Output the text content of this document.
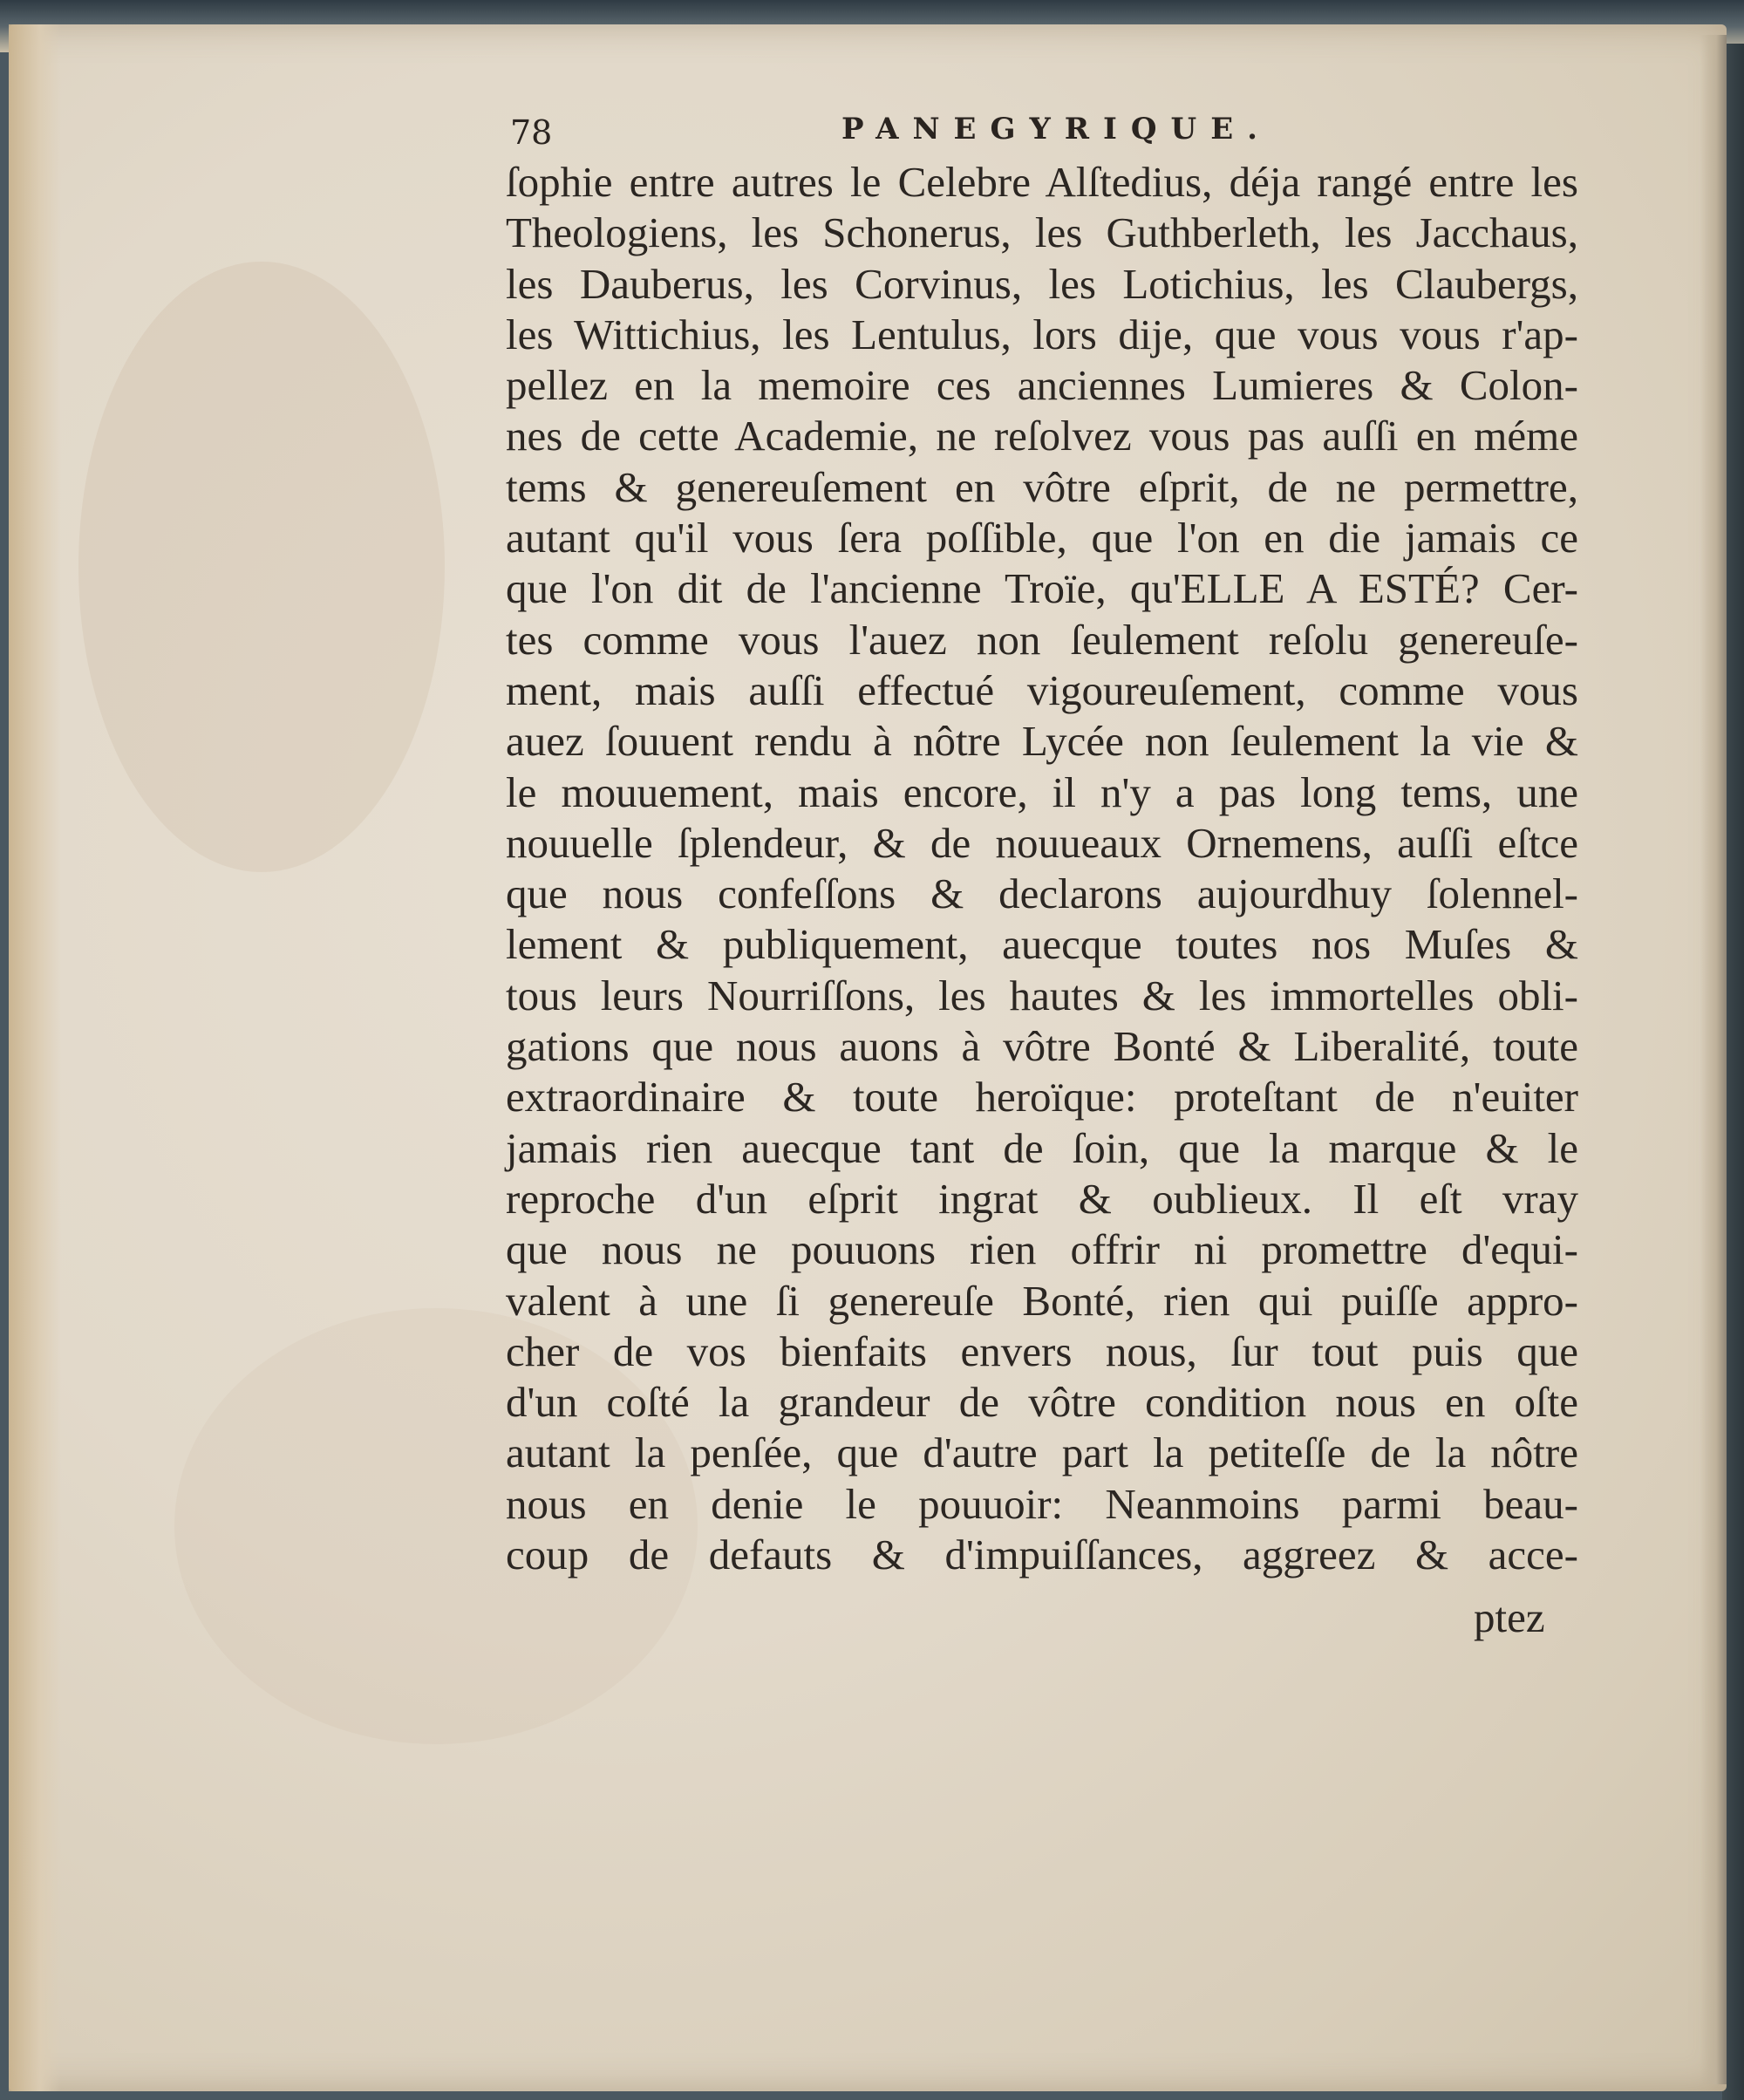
78	PANEGYRIQUE.
ſophie entre autres le Celebre Alſtedius, déja rangé entre les
Theologiens, les Schonerus, les Guthberleth, les Jacchaus,
les Dauberus, les Corvinus, les Lotichius, les Claubergs,
les Wittichius, les Lentulus, lors dije, que vous vous r'ap-
pellez en la memoire ces anciennes Lumieres & Colon-
nes de cette Academie, ne reſolvez vous pas auſſi en méme
tems & genereuſement en vôtre eſprit, de ne permettre,
autant qu'il vous ſera poſſible, que l'on en die jamais ce
que l'on dit de l'ancienne Troïe, qu'ELLE A ESTÉ? Cer-
tes comme vous l'auez non ſeulement reſolu genereuſe-
ment, mais auſſi effectué vigoureuſement, comme vous
auez ſouuent rendu à nôtre Lycée non ſeulement la vie &
le mouuement, mais encore, il n'y a pas long tems, une
nouuelle ſplendeur, & de nouueaux Ornemens, auſſi eſtce
que nous confeſſons & declarons aujourdhuy ſolennel-
lement & publiquement, auecque toutes nos Muſes &
tous leurs Nourriſſons, les hautes & les immortelles obli-
gations que nous auons à vôtre Bonté & Liberalité, toute
extraordinaire & toute heroïque: proteſtant de n'euiter
jamais rien auecque tant de ſoin, que la marque & le
reproche d'un eſprit ingrat & oublieux. Il eſt vray
que nous ne pouuons rien offrir ni promettre d'equi-
valent à une ſi genereuſe Bonté, rien qui puiſſe appro-
cher de vos bienfaits envers nous, ſur tout puis que
d'un coſté la grandeur de vôtre condition nous en oſte
autant la penſée, que d'autre part la petiteſſe de la nôtre
nous en denie le pouuoir: Neanmoins parmi beau-
coup de defauts & d'impuiſſances, aggreez & acce-
ptez
